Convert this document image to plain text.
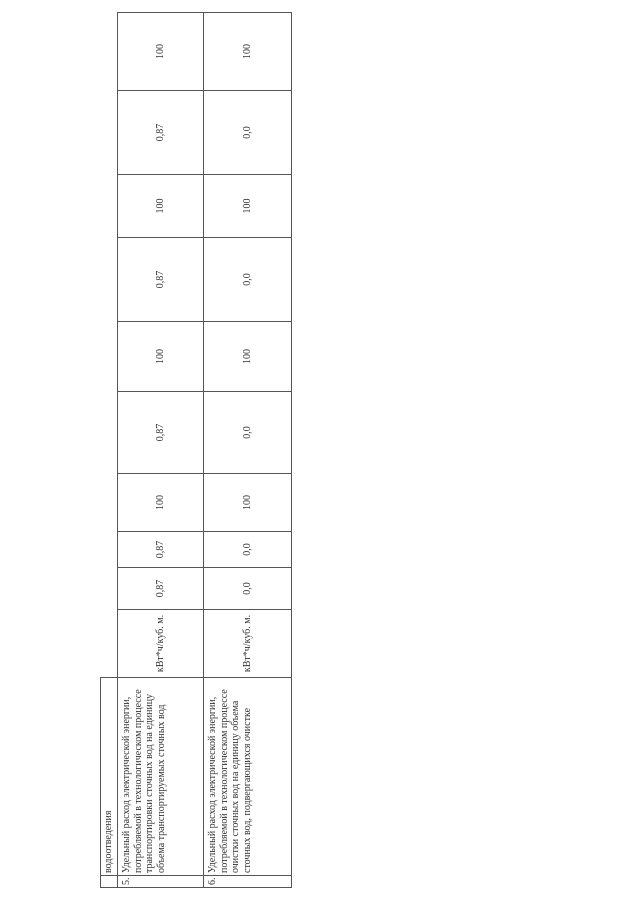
	водоотведения										
5.	Удельный расход электрической энергии, потребляемой в технологическом процессе транспортировки сточных вод на единицу объема транспортируемых сточных вод	кВт*ч/куб. м.	0,87	0,87	100	0,87	100	0,87	100	0,87	100
6.	Удельный расход электрической энергии, потребляемой в технологическом процессе очистки сточных вод на единицу объема сточных вод, подвергающихся очистке	кВт*ч/куб. м.	0,0	0,0	100	0,0	100	0,0	100	0,0	100
